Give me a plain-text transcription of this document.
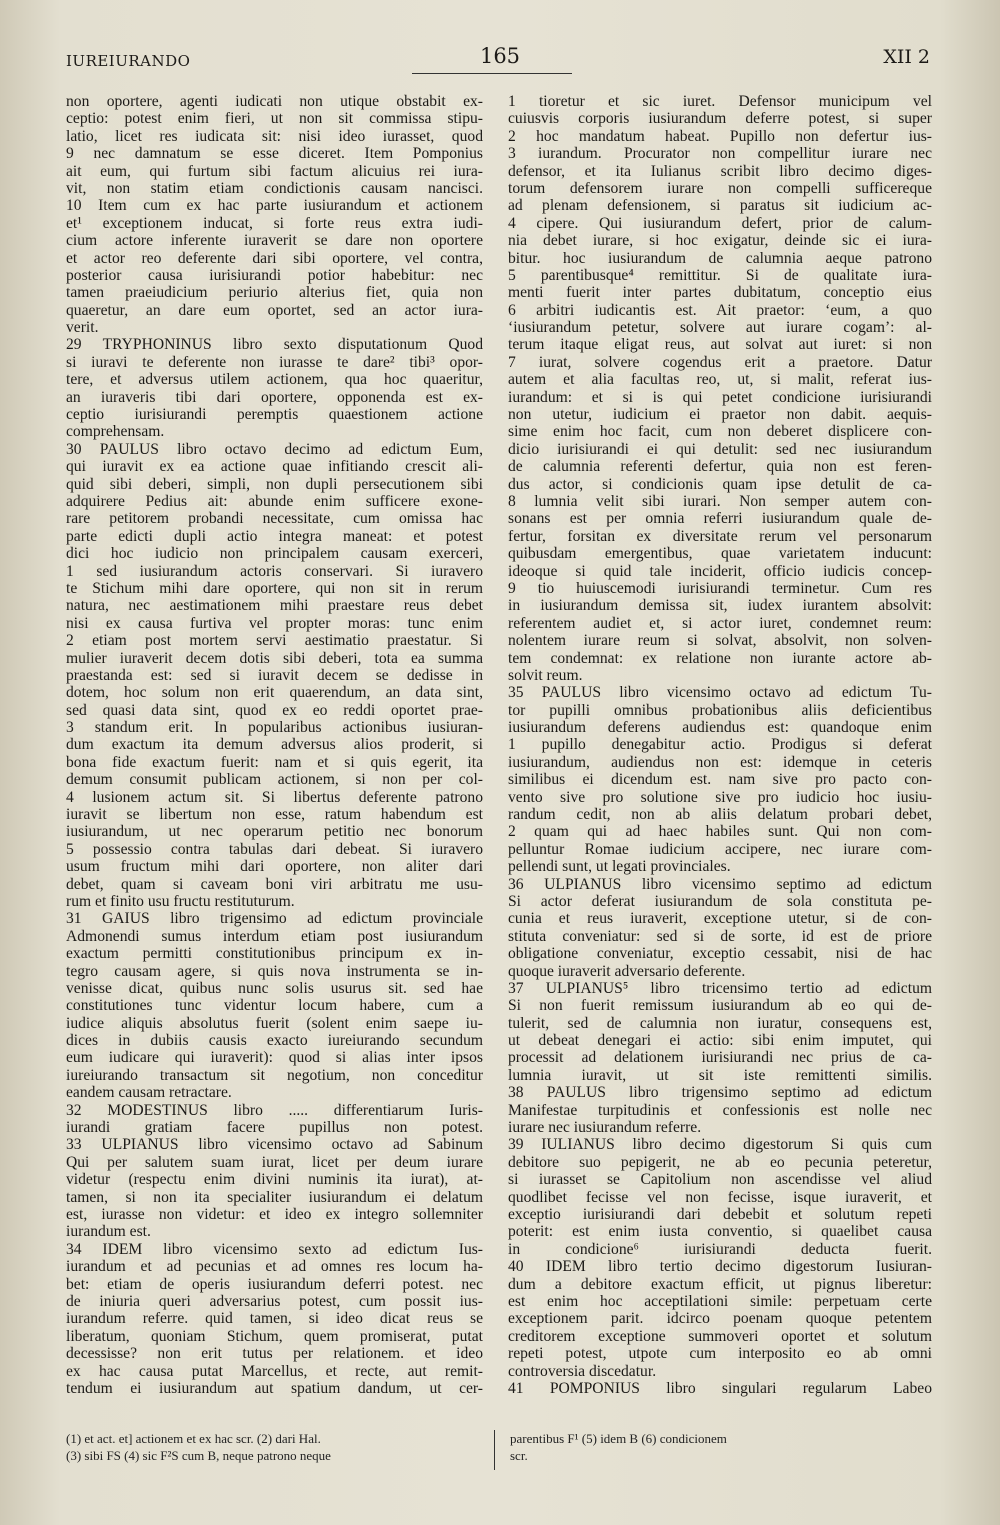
IUREIURANDO	165	XII 2
non oportere, agenti iudicati non utique obstabit ex-
ceptio: potest enim fieri, ut non sit commissa stipu-
latio, licet res iudicata sit: nisi ideo iurasset, quod
9 nec damnatum se esse diceret. Item Pomponius
ait eum, qui furtum sibi factum alicuius rei iura-
vit, non statim etiam condictionis causam nancisci.
10 Item cum ex hac parte iusiurandum et actionem
et¹ exceptionem inducat, si forte reus extra iudi-
cium actore inferente iuraverit se dare non oportere
et actor reo deferente dari sibi oportere, vel contra,
posterior causa iurisiurandi potior habebitur: nec
tamen praeiudicium periurio alterius fiet, quia non
quaeretur, an dare eum oportet, sed an actor iura-
verit.
29 TRYPHONINUS libro sexto disputationum Quod
si iuravi te deferente non iurasse te dare² tibi³ opor-
tere, et adversus utilem actionem, qua hoc quaeritur,
an iuraveris tibi dari oportere, opponenda est ex-
ceptio iurisiurandi peremptis quaestionem actione
comprehensam.
30 PAULUS libro octavo decimo ad edictum Eum,
qui iuravit ex ea actione quae infitiando crescit ali-
quid sibi deberi, simpli, non dupli persecutionem sibi
adquirere Pedius ait: abunde enim sufficere exone-
rare petitorem probandi necessitate, cum omissa hac
parte edicti dupli actio integra maneat: et potest
dici hoc iudicio non principalem causam exerceri,
1 sed iusiurandum actoris conservari. Si iuravero
te Stichum mihi dare oportere, qui non sit in rerum
natura, nec aestimationem mihi praestare reus debet
nisi ex causa furtiva vel propter moras: tunc enim
2 etiam post mortem servi aestimatio praestatur. Si
mulier iuraverit decem dotis sibi deberi, tota ea summa
praestanda est: sed si iuravit decem se dedisse in
dotem, hoc solum non erit quaerendum, an data sint,
sed quasi data sint, quod ex eo reddi oportet prae-
3 standum erit. In popularibus actionibus iusiuran-
dum exactum ita demum adversus alios proderit, si
bona fide exactum fuerit: nam et si quis egerit, ita
demum consumit publicam actionem, si non per col-
4 lusionem actum sit. Si libertus deferente patrono
iuravit se libertum non esse, ratum habendum est
iusiurandum, ut nec operarum petitio nec bonorum
5 possessio contra tabulas dari debeat. Si iuravero
usum fructum mihi dari oportere, non aliter dari
debet, quam si caveam boni viri arbitratu me usu-
rum et finito usu fructu restituturum.
31 GAIUS libro trigensimo ad edictum provinciale
Admonendi sumus interdum etiam post iusiurandum
exactum permitti constitutionibus principum ex in-
tegro causam agere, si quis nova instrumenta se in-
venisse dicat, quibus nunc solis usurus sit. sed hae
constitutiones tunc videntur locum habere, cum a
iudice aliquis absolutus fuerit (solent enim saepe iu-
dices in dubiis causis exacto iureiurando secundum
eum iudicare qui iuraverit): quod si alias inter ipsos
iureiurando transactum sit negotium, non conceditur
eandem causam retractare.
32 MODESTINUS libro ..... differentiarum Iuris-
iurandi gratiam facere pupillus non potest.
33 ULPIANUS libro vicensimo octavo ad Sabinum
Qui per salutem suam iurat, licet per deum iurare
videtur (respectu enim divini numinis ita iurat), at-
tamen, si non ita specialiter iusiurandum ei delatum
est, iurasse non videtur: et ideo ex integro sollemniter
iurandum est.
34 IDEM libro vicensimo sexto ad edictum Ius-
iurandum et ad pecunias et ad omnes res locum ha-
bet: etiam de operis iusiurandum deferri potest. nec
de iniuria queri adversarius potest, cum possit ius-
iurandum referre. quid tamen, si ideo dicat reus se
liberatum, quoniam Stichum, quem promiserat, putat
decessisse? non erit tutus per relationem. et ideo
ex hac causa putat Marcellus, et recte, aut remit-
tendum ei iusiurandum aut spatium dandum, ut cer-
1 tioretur et sic iuret. Defensor municipum vel
cuiusvis corporis iusiurandum deferre potest, si super
2 hoc mandatum habeat. Pupillo non defertur ius-
3 iurandum. Procurator non compellitur iurare nec
defensor, et ita Iulianus scribit libro decimo diges-
torum defensorem iurare non compelli sufficereque
ad plenam defensionem, si paratus sit iudicium ac-
4 cipere. Qui iusiurandum defert, prior de calum-
nia debet iurare, si hoc exigatur, deinde sic ei iura-
bitur. hoc iusiurandum de calumnia aeque patrono
5 parentibusque⁴ remittitur. Si de qualitate iura-
menti fuerit inter partes dubitatum, conceptio eius
6 arbitri iudicantis est. Ait praetor: ‘eum, a quo
‘iusiurandum petetur, solvere aut iurare cogam’: al-
terum itaque eligat reus, aut solvat aut iuret: si non
7 iurat, solvere cogendus erit a praetore. Datur
autem et alia facultas reo, ut, si malit, referat ius-
iurandum: et si is qui petet condicione iurisiurandi
non utetur, iudicium ei praetor non dabit. aequis-
sime enim hoc facit, cum non deberet displicere con-
dicio iurisiurandi ei qui detulit: sed nec iusiurandum
de calumnia referenti defertur, quia non est feren-
dus actor, si condicionis quam ipse detulit de ca-
8 lumnia velit sibi iurari. Non semper autem con-
sonans est per omnia referri iusiurandum quale de-
fertur, forsitan ex diversitate rerum vel personarum
quibusdam emergentibus, quae varietatem inducunt:
ideoque si quid tale inciderit, officio iudicis concep-
9 tio huiuscemodi iurisiurandi terminetur. Cum res
in iusiurandum demissa sit, iudex iurantem absolvit:
referentem audiet et, si actor iuret, condemnet reum:
nolentem iurare reum si solvat, absolvit, non solven-
tem condemnat: ex relatione non iurante actore ab-
solvit reum.
35 PAULUS libro vicensimo octavo ad edictum Tu-
tor pupilli omnibus probationibus aliis deficientibus
iusiurandum deferens audiendus est: quandoque enim
1 pupillo denegabitur actio. Prodigus si deferat
iusiurandum, audiendus non est: idemque in ceteris
similibus ei dicendum est. nam sive pro pacto con-
vento sive pro solutione sive pro iudicio hoc iusiu-
randum cedit, non ab aliis delatum probari debet,
2 quam qui ad haec habiles sunt. Qui non com-
pelluntur Romae iudicium accipere, nec iurare com-
pellendi sunt, ut legati provinciales.
36 ULPIANUS libro vicensimo septimo ad edictum
Si actor deferat iusiurandum de sola constituta pe-
cunia et reus iuraverit, exceptione utetur, si de con-
stituta conveniatur: sed si de sorte, id est de priore
obligatione conveniatur, exceptio cessabit, nisi de hac
quoque iuraverit adversario deferente.
37 ULPIANUS⁵ libro tricensimo tertio ad edictum
Si non fuerit remissum iusiurandum ab eo qui de-
tulerit, sed de calumnia non iuratur, consequens est,
ut debeat denegari ei actio: sibi enim imputet, qui
processit ad delationem iurisiurandi nec prius de ca-
lumnia iuravit, ut sit iste remittenti similis.
38 PAULUS libro trigensimo septimo ad edictum
Manifestae turpitudinis et confessionis est nolle nec
iurare nec iusiurandum referre.
39 IULIANUS libro decimo digestorum Si quis cum
debitore suo pepigerit, ne ab eo pecunia peteretur,
si iurasset se Capitolium non ascendisse vel aliud
quodlibet fecisse vel non fecisse, isque iuraverit, et
exceptio iurisiurandi dari debebit et solutum repeti
poterit: est enim iusta conventio, si quaelibet causa
in condicione⁶ iurisiurandi deducta fuerit.
40 IDEM libro tertio decimo digestorum Iusiuran-
dum a debitore exactum efficit, ut pignus liberetur:
est enim hoc acceptilationi simile: perpetuam certe
exceptionem parit. idcirco poenam quoque petentem
creditorem exceptione summoveri oportet et solutum
repeti potest, utpote cum interposito eo ab omni
controversia discedatur.
41 POMPONIUS libro singulari regularum Labeo
(1) et act. et] actionem et ex hac scr. (2) dari Hal.
(3) sibi FS (4) sic F²S cum B, neque patrono neque
parentibus F¹ (5) idem B (6) condicionem
scr.
